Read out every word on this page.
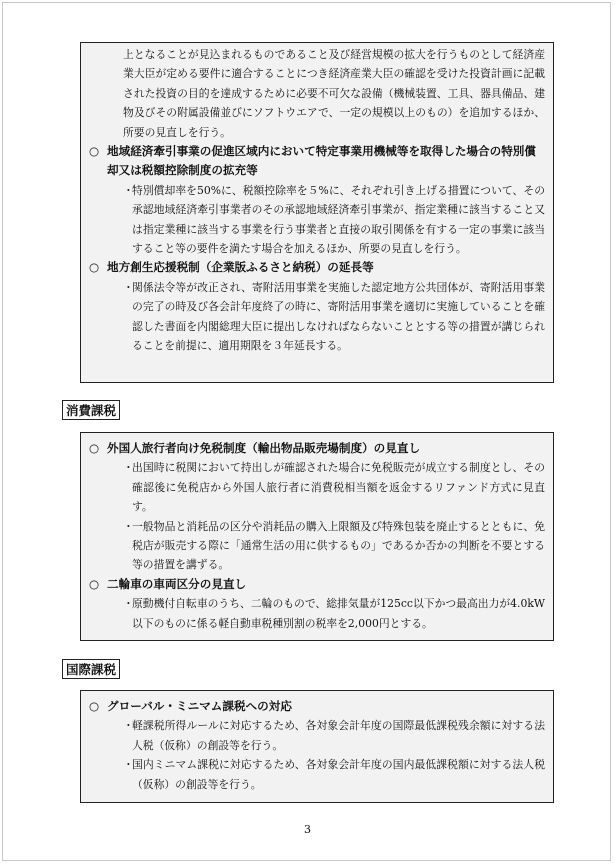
上となることが見込まれるものであること及び経営規模の拡大を行うものとして経済産業大臣が定める要件に適合することにつき経済産業大臣の確認を受けた投資計画に記載された投資の目的を達成するために必要不可欠な設備（機械装置、工具、器具備品、建物及びその附属設備並びにソフトウエアで、一定の規模以上のもの）を追加するほか、所要の見直しを行う。
○ 地域経済牽引事業の促進区域内において特定事業用機械等を取得した場合の特別償却又は税額控除制度の拡充等
・
特別償却率を50%に、税額控除率を５%に、それぞれ引き上げる措置について、その承認地域経済牽引事業者のその承認地域経済牽引事業が、指定業種に該当すること又は指定業種に該当する事業を行う事業者と直接の取引関係を有する一定の事業に該当すること等の要件を満たす場合を加えるほか、所要の見直しを行う。
○ 地方創生応援税制（企業版ふるさと納税）の延長等
・
関係法令等が改正され、寄附活用事業を実施した認定地方公共団体が、寄附活用事業の完了の時及び各会計年度終了の時に、寄附活用事業を適切に実施していることを確認した書面を内閣総理大臣に提出しなければならないこととする等の措置が講じられることを前提に、適用期限を３年延長する。
消費課税
○ 外国人旅行者向け免税制度（輸出物品販売場制度）の見直し
・
出国時に税関において持出しが確認された場合に免税販売が成立する制度とし、その確認後に免税店から外国人旅行者に消費税相当額を返金するリファンド方式に見直す。
・
一般物品と消耗品の区分や消耗品の購入上限額及び特殊包装を廃止するとともに、免税店が販売する際に「通常生活の用に供するもの」であるか否かの判断を不要とする等の措置を講ずる。
○ 二輪車の車両区分の見直し
・
原動機付自転車のうち、二輪のもので、総排気量が125cc以下かつ最高出力が4.0kW以下のものに係る軽自動車税種別割の税率を2,000円とする。
国際課税
○ グローバル・ミニマム課税への対応
・
軽課税所得ルールに対応するため、各対象会計年度の国際最低課税残余額に対する法人税（仮称）の創設等を行う。
・
国内ミニマム課税に対応するため、各対象会計年度の国内最低課税額に対する法人税（仮称）の創設等を行う。
3
